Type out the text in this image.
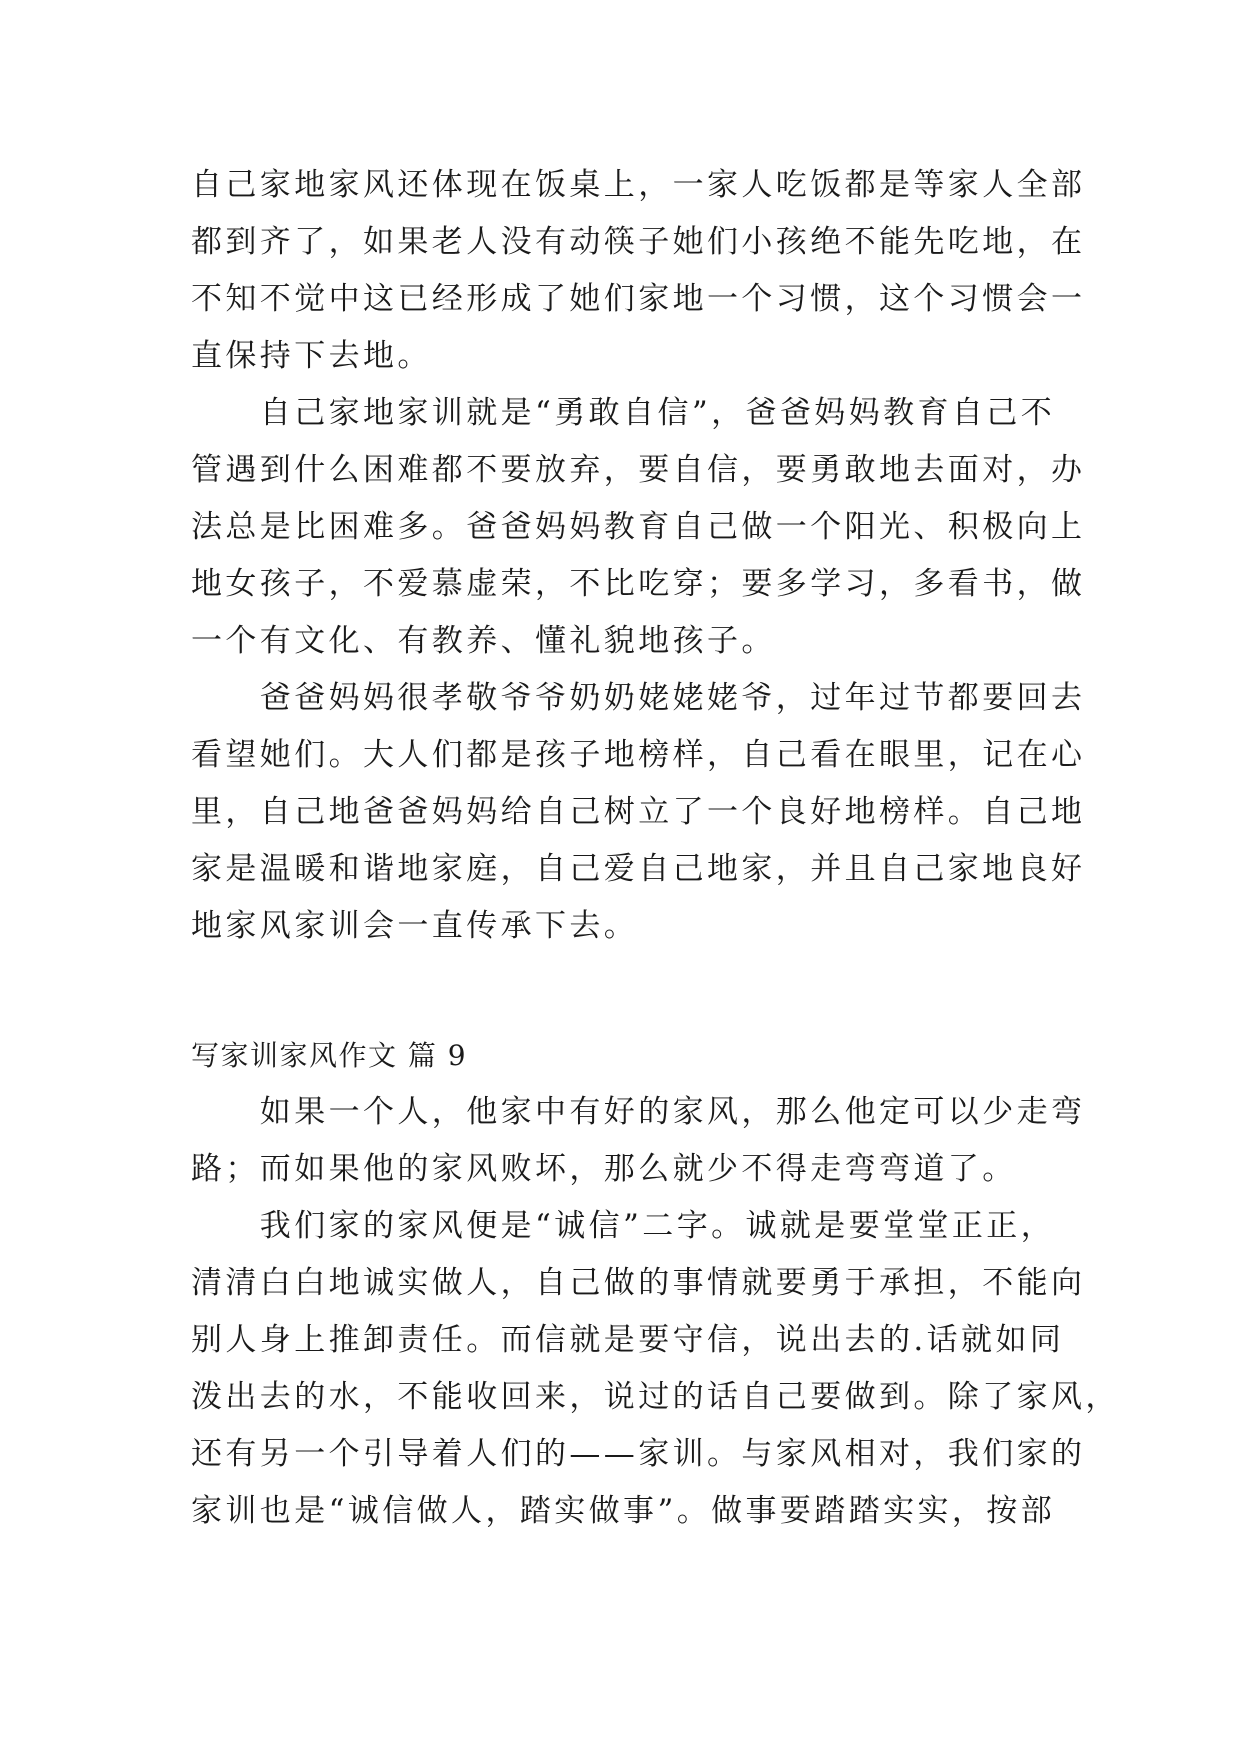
自己家地家风还体现在饭桌上，一家人吃饭都是等家人全部
都到齐了，如果老人没有动筷子她们小孩绝不能先吃地，在
不知不觉中这已经形成了她们家地一个习惯，这个习惯会一
直保持下去地。
　　自己家地家训就是“勇敢自信”，爸爸妈妈教育自己不
管遇到什么困难都不要放弃，要自信，要勇敢地去面对，办
法总是比困难多。爸爸妈妈教育自己做一个阳光、积极向上
地女孩子，不爱慕虚荣，不比吃穿；要多学习，多看书，做
一个有文化、有教养、懂礼貌地孩子。
　　爸爸妈妈很孝敬爷爷奶奶姥姥姥爷，过年过节都要回去
看望她们。大人们都是孩子地榜样，自己看在眼里，记在心
里，自己地爸爸妈妈给自己树立了一个良好地榜样。自己地
家是温暖和谐地家庭，自己爱自己地家，并且自己家地良好
地家风家训会一直传承下去。
写家训家风作文 篇 9
　　如果一个人，他家中有好的家风，那么他定可以少走弯
路；而如果他的家风败坏，那么就少不得走弯弯道了。
　　我们家的家风便是“诚信”二字。诚就是要堂堂正正，
清清白白地诚实做人，自己做的事情就要勇于承担，不能向
别人身上推卸责任。而信就是要守信，说出去的.话就如同
泼出去的水，不能收回来，说过的话自己要做到。除了家风，
还有另一个引导着人们的——家训。与家风相对，我们家的
家训也是“诚信做人，踏实做事”。做事要踏踏实实，按部
